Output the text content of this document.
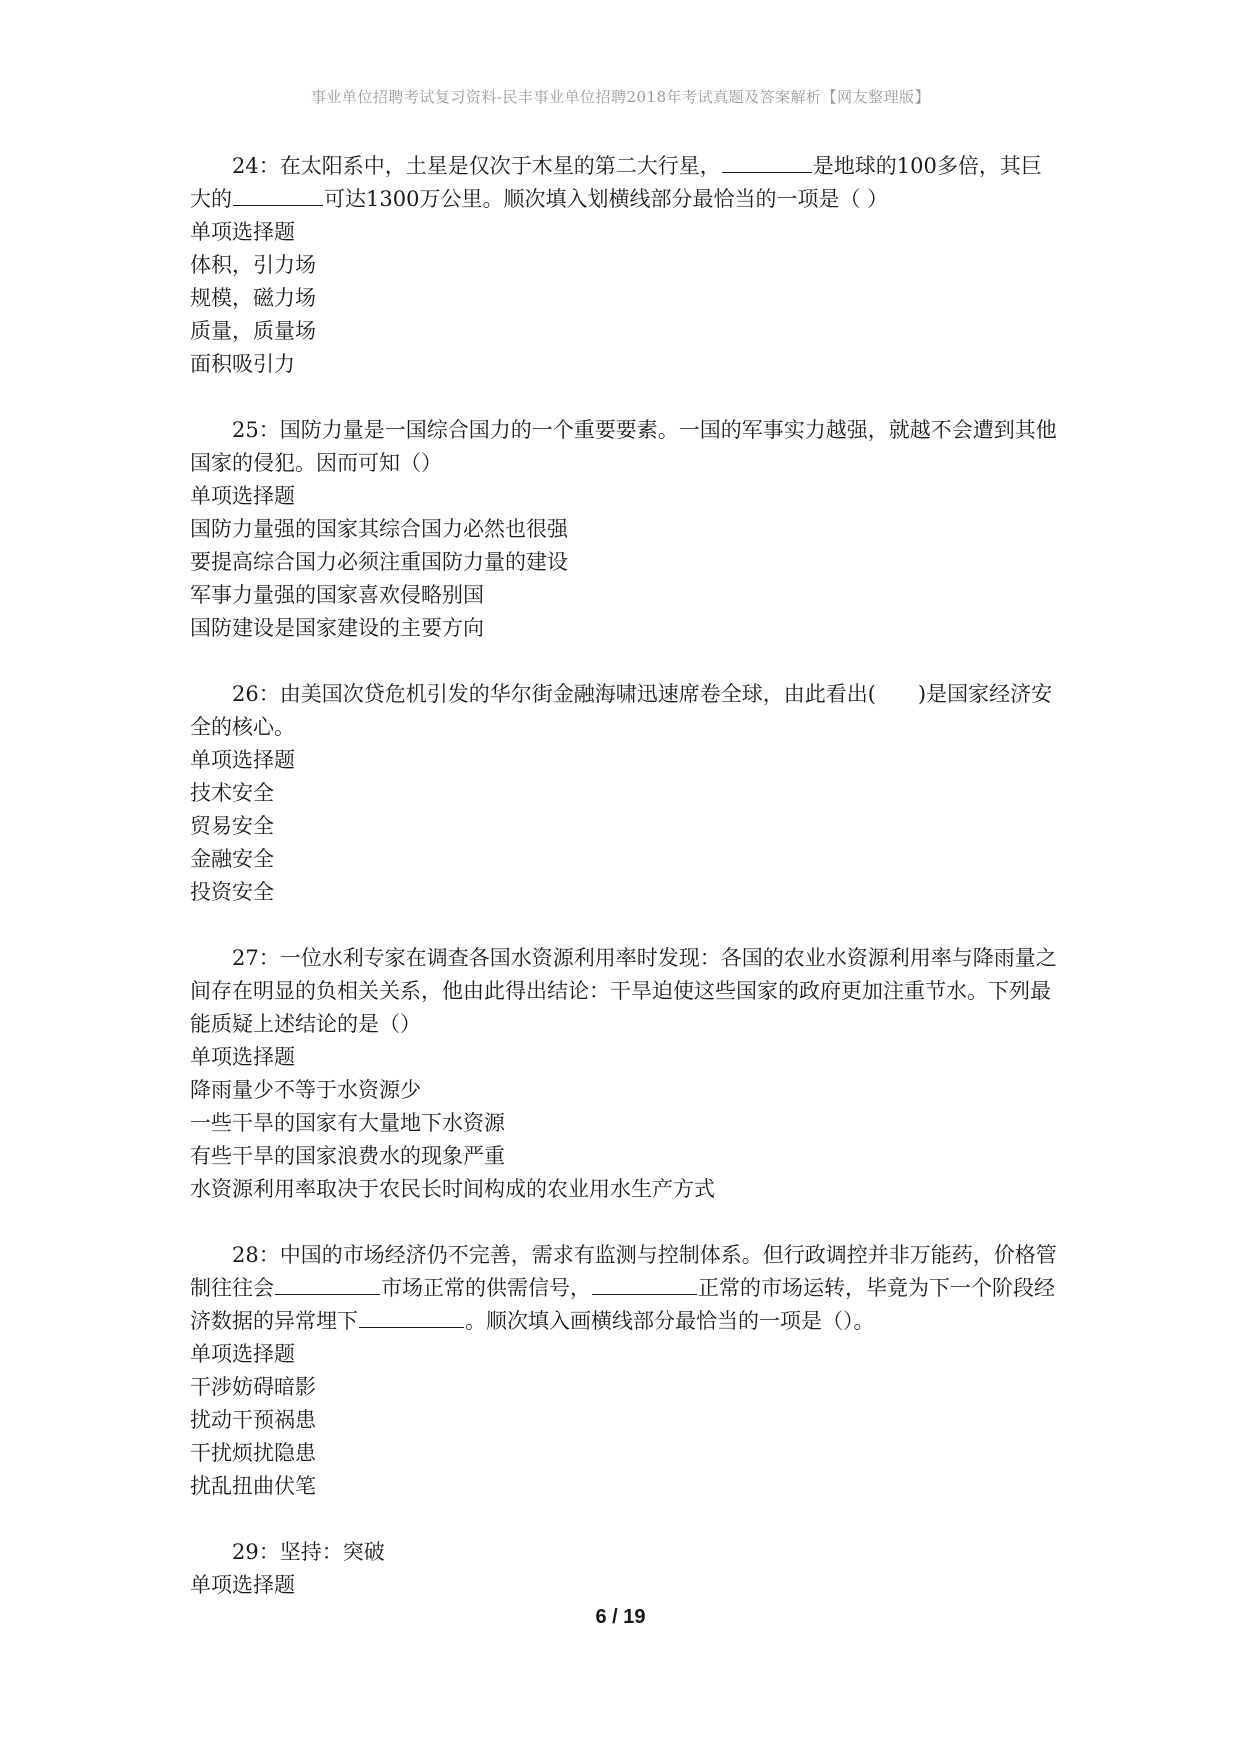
事业单位招聘考试复习资料-民丰事业单位招聘2018年考试真题及答案解析【网友整理版】

24：在太阳系中，土星是仅次于木星的第二大行星，	是地球的100多倍，其巨大的	可达1300万公里。顺次填入划横线部分最恰当的一项是（ ）

单项选择题

体积，引力场

规模，磁力场

质量，质量场

面积吸引力

25：国防力量是一国综合国力的一个重要要素。一国的军事实力越强，就越不会遭到其他国家的侵犯。因而可知（）

单项选择题

国防力量强的国家其综合国力必然也很强

要提高综合国力必须注重国防力量的建设

军事力量强的国家喜欢侵略别国

国防建设是国家建设的主要方向

26：由美国次贷危机引发的华尔街金融海啸迅速席卷全球，由此看出(　　)是国家经济安全的核心。

单项选择题

技术安全

贸易安全

金融安全

投资安全

27：一位水利专家在调查各国水资源利用率时发现：各国的农业水资源利用率与降雨量之间存在明显的负相关关系，他由此得出结论：干旱迫使这些国家的政府更加注重节水。下列最能质疑上述结论的是（）

单项选择题

降雨量少不等于水资源少

一些干旱的国家有大量地下水资源

有些干旱的国家浪费水的现象严重

水资源利用率取决于农民长时间构成的农业用水生产方式

28：中国的市场经济仍不完善，需求有监测与控制体系。但行政调控并非万能药，价格管制往往会	市场正常的供需信号，	正常的市场运转，毕竟为下一个阶段经济数据的异常埋下	。顺次填入画横线部分最恰当的一项是（）。

单项选择题

干涉妨碍暗影

扰动干预祸患

干扰烦扰隐患

扰乱扭曲伏笔

29：坚持：突破

单项选择题

6 / 19
